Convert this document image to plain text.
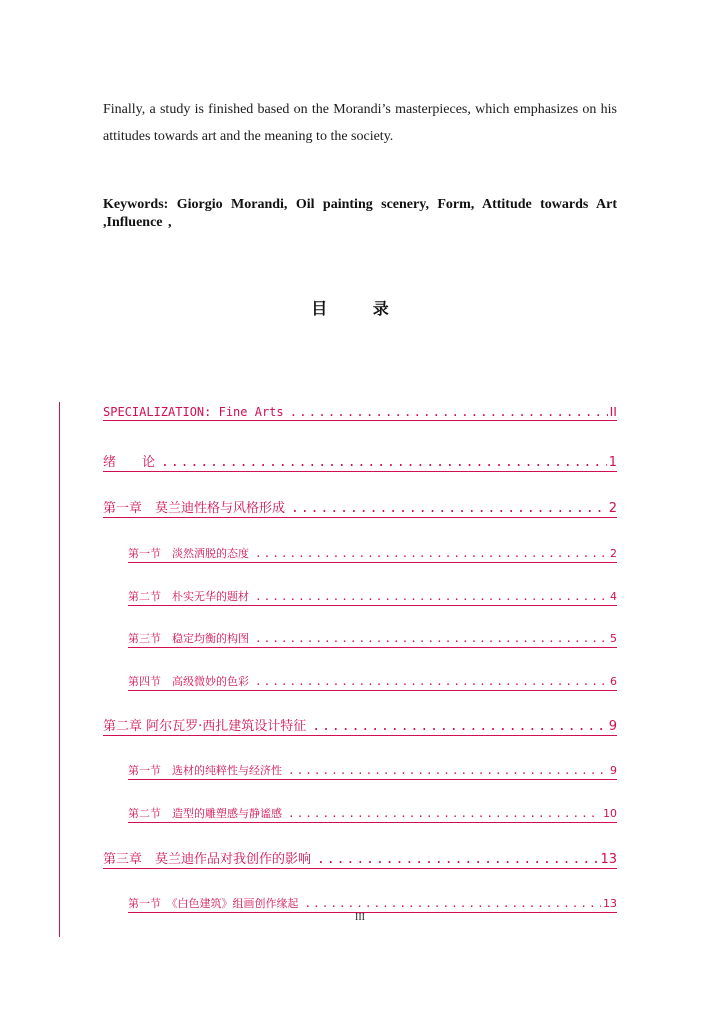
Finally, a study is finished based on the Morandi’s masterpieces, which emphasizes on his attitudes towards art and the meaning to the society.

Keywords: Giorgio Morandi, Oil painting scenery, Form, Attitude towards Art ,Influence ,

目 录
SPECIALIZATION: Fine Arts .....	II
绪　　论 .....	1
第一章　莫兰迪性格与风格形成 .....	2
第一节　淡然洒脱的态度 .....	2
第二节　朴实无华的题材 .....	4
第三节　稳定均衡的构图 .....	5
第四节　高级微妙的色彩 .....	6
第二章 阿尔瓦罗·西扎建筑设计特征 .....	9
第一节　选材的纯粹性与经济性 .....	9
第二节　造型的雕塑感与静谧感 .....	10
第三章　莫兰迪作品对我创作的影响 .....	13
第一节　《白色建筑》组画创作缘起 .....	13
III
